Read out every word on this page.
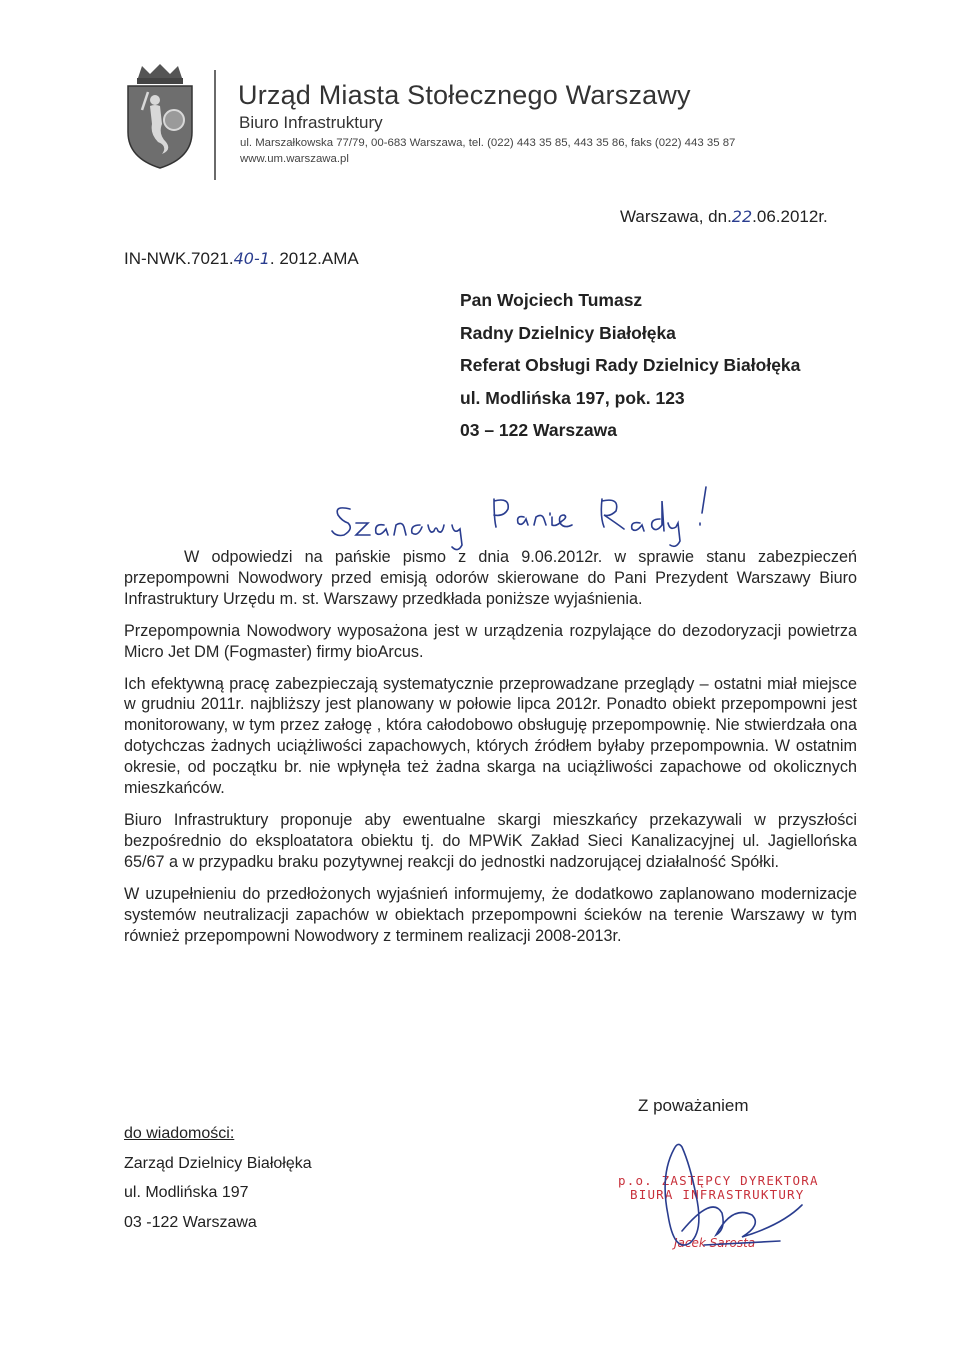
Urząd Miasta Stołecznego Warszawy
Biuro Infrastruktury
ul. Marszałkowska 77/79, 00-683 Warszawa, tel. (022) 443 35 85, 443 35 86, faks (022) 443 35 87
www.um.warszawa.pl
Warszawa, dn.22.06.2012r.
IN-NWK.7021.40-1. 2012.AMA
Pan Wojciech Tumasz
Radny Dzielnicy Białołęka
Referat Obsługi Rady Dzielnicy Białołęka
ul. Modlińska 197, pok. 123
03 – 122 Warszawa

W odpowiedzi na pańskie pismo z dnia 9.06.2012r. w sprawie stanu zabezpieczeń przepompowni Nowodwory przed emisją odorów skierowane do Pani Prezydent Warszawy Biuro Infrastruktury Urzędu m. st. Warszawy przedkłada poniższe wyjaśnienia.

Przepompownia Nowodwory wyposażona jest w urządzenia rozpylające do dezodoryzacji powietrza Micro Jet DM (Fogmaster) firmy bioArcus.

Ich efektywną pracę zabezpieczają systematycznie przeprowadzane przeglądy – ostatni miał miejsce w grudniu 2011r. najbliższy jest planowany w połowie lipca 2012r. Ponadto obiekt przepompowni jest monitorowany, w tym przez załogę , która całodobowo obsługuję przepompownię. Nie stwierdzała ona dotychczas żadnych uciążliwości zapachowych, których źródłem byłaby przepompownia. W ostatnim okresie, od początku br. nie wpłynęła też żadna skarga na uciążliwości zapachowe od okolicznych mieszkańców.

Biuro Infrastruktury proponuje aby ewentualne skargi mieszkańcy przekazywali w przyszłości bezpośrednio do eksploatatora obiektu tj. do MPWiK Zakład Sieci Kanalizacyjnej ul. Jagiellońska 65/67 a w przypadku braku pozytywnej reakcji do jednostki nadzorującej działalność Spółki.

W uzupełnieniu do przedłożonych wyjaśnień informujemy, że dodatkowo zaplanowano modernizacje systemów neutralizacji zapachów w obiektach przepompowni ścieków na terenie Warszawy w tym również przepompowni Nowodwory z terminem realizacji 2008-2013r.

Z poważaniem
do wiadomości:
Zarząd Dzielnicy Białołęka
ul. Modlińska 197
03 -122 Warszawa
p.o. ZASTĘPCY DYREKTORA
BIURA INFRASTRUKTURY
Jacek Sarosta
